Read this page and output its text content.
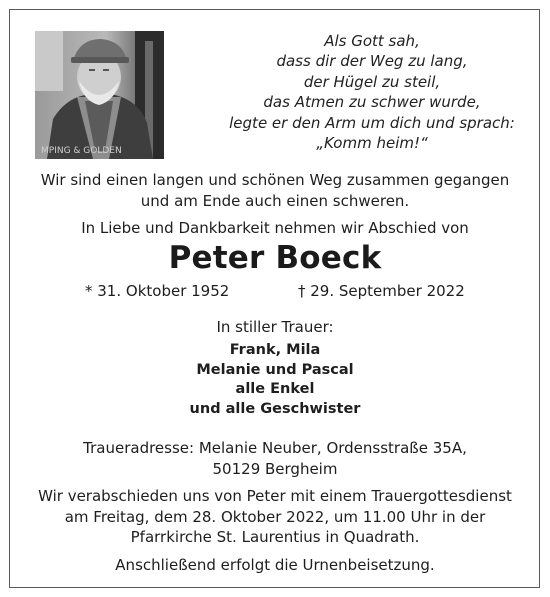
MPING & GOLDEN
Als Gott sah,
dass dir der Weg zu lang,
der Hügel zu steil,
das Atmen zu schwer wurde,
legte er den Arm um dich und sprach:
„Komm heim!“
Wir sind einen langen und schönen Weg zusammen gegangen
und am Ende auch einen schweren.
In Liebe und Dankbarkeit nehmen wir Abschied von
Peter Boeck
* 31. Oktober 1952	† 29. September 2022
In stiller Trauer:
Frank, Mila
Melanie und Pascal
alle Enkel
und alle Geschwister
Traueradresse: Melanie Neuber, Ordensstraße 35A,
50129 Bergheim
Wir verabschieden uns von Peter mit einem Trauergottesdienst
am Freitag, dem 28. Oktober 2022, um 11.00 Uhr in der
Pfarrkirche St. Laurentius in Quadrath.
Anschließend erfolgt die Urnenbeisetzung.
